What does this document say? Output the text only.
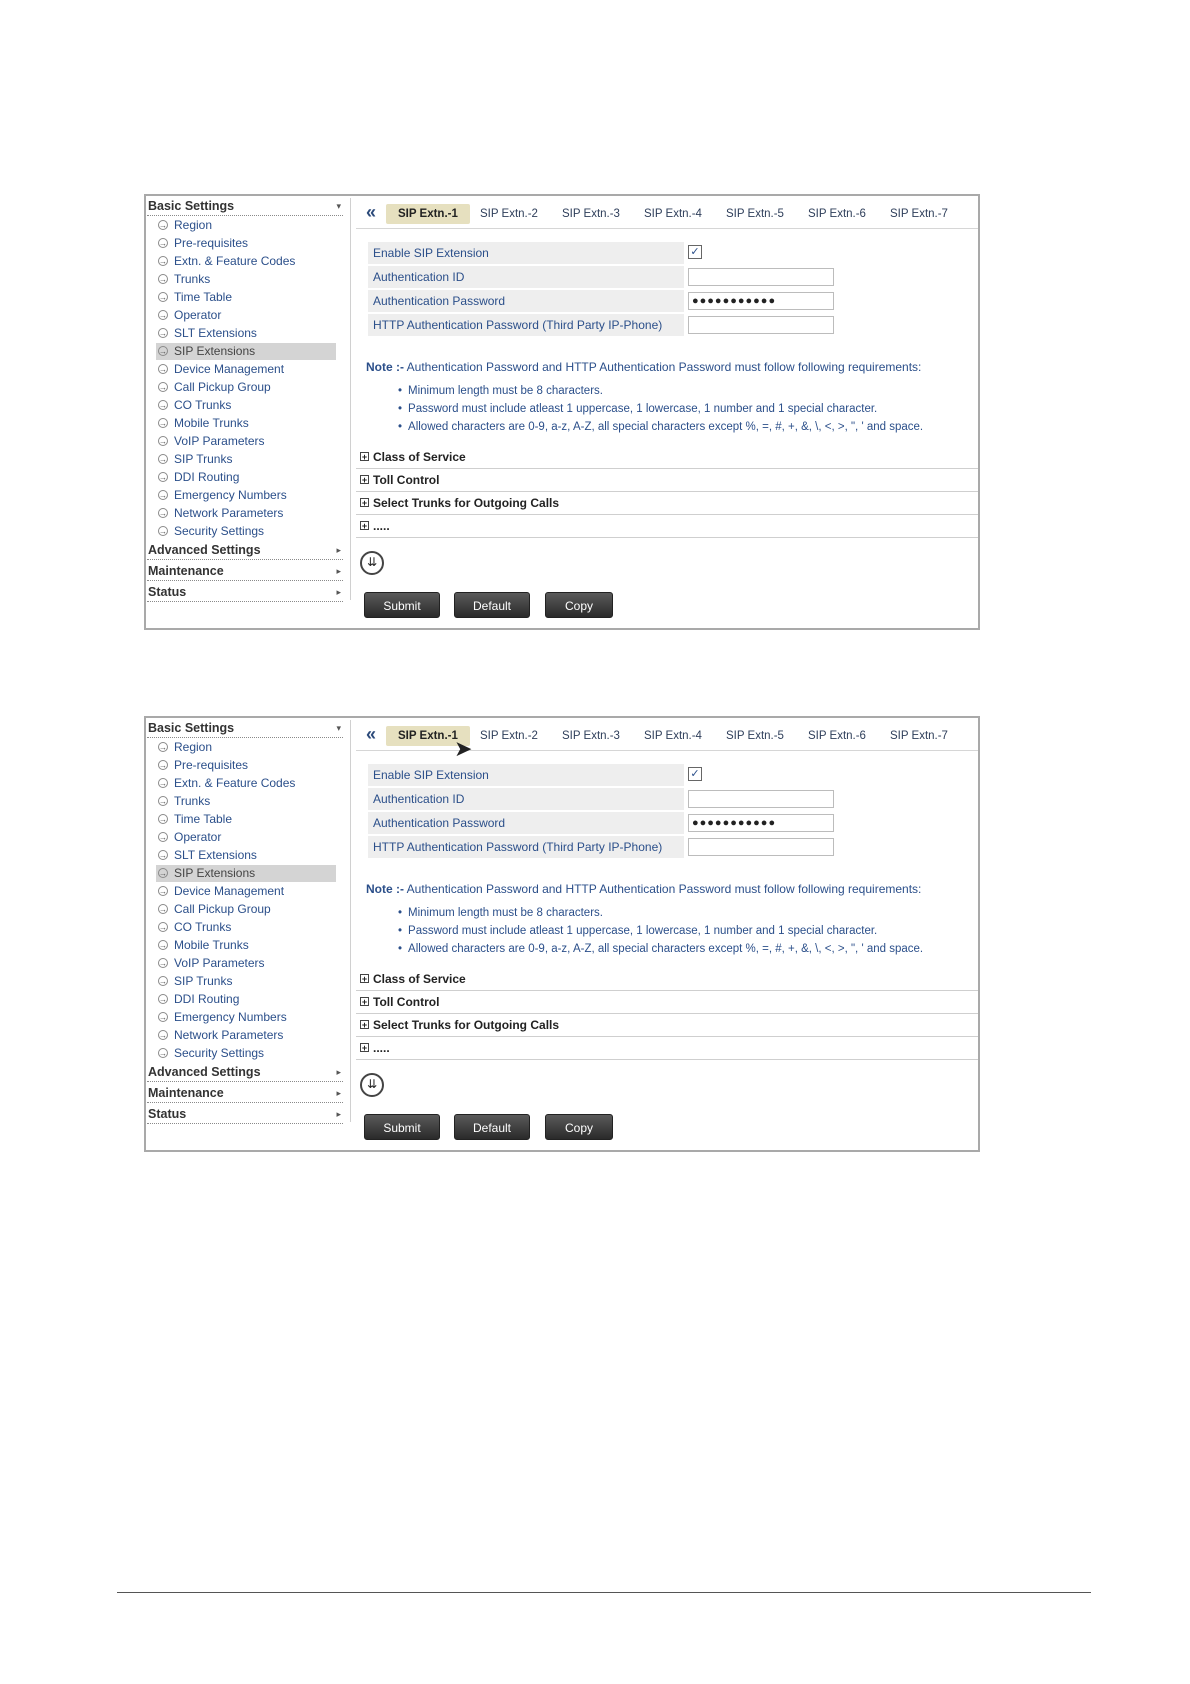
Basic Settings	▾
→ Region
→ Pre-requisites
→ Extn. & Feature Codes
→ Trunks
→ Time Table
→ Operator
→ SLT Extensions
→ SIP Extensions
→ Device Management
→ Call Pickup Group
→ CO Trunks
→ Mobile Trunks
→ VoIP Parameters
→ SIP Trunks
→ DDI Routing
→ Emergency Numbers
→ Network Parameters
→ Security Settings
Advanced Settings	▸
Maintenance	▸
Status	▸
«	SIP Extn.-1	SIP Extn.-2	SIP Extn.-3	SIP Extn.-4	SIP Extn.-5	SIP Extn.-6	SIP Extn.-7
Enable SIP Extension	✓
Authentication ID
Authentication Password	●●●●●●●●●●●
HTTP Authentication Password (Third Party IP-Phone)
Note :- Authentication Password and HTTP Authentication Password must follow following requirements:
• Minimum length must be 8 characters.
• Password must include atleast 1 uppercase, 1 lowercase, 1 number and 1 special character.
• Allowed characters are 0-9, a-z, A-Z, all special characters except %, =, #, +, &, \, <, >, ", ' and space.
+ Class of Service
+ Toll Control
+ Select Trunks for Outgoing Calls
+ .....
⇊
Submit	Default	Copy
Basic Settings	▾
→ Region
→ Pre-requisites
→ Extn. & Feature Codes
→ Trunks
→ Time Table
→ Operator
→ SLT Extensions
→ SIP Extensions
→ Device Management
→ Call Pickup Group
→ CO Trunks
→ Mobile Trunks
→ VoIP Parameters
→ SIP Trunks
→ DDI Routing
→ Emergency Numbers
→ Network Parameters
→ Security Settings
Advanced Settings	▸
Maintenance	▸
Status	▸
«	SIP Extn.-1	SIP Extn.-2	SIP Extn.-3	SIP Extn.-4	SIP Extn.-5	SIP Extn.-6	SIP Extn.-7
➤
Enable SIP Extension	✓
Authentication ID
Authentication Password	●●●●●●●●●●●
HTTP Authentication Password (Third Party IP-Phone)
Note :- Authentication Password and HTTP Authentication Password must follow following requirements:
• Minimum length must be 8 characters.
• Password must include atleast 1 uppercase, 1 lowercase, 1 number and 1 special character.
• Allowed characters are 0-9, a-z, A-Z, all special characters except %, =, #, +, &, \, <, >, ", ' and space.
+ Class of Service
+ Toll Control
+ Select Trunks for Outgoing Calls
+ .....
⇊
Submit	Default	Copy
